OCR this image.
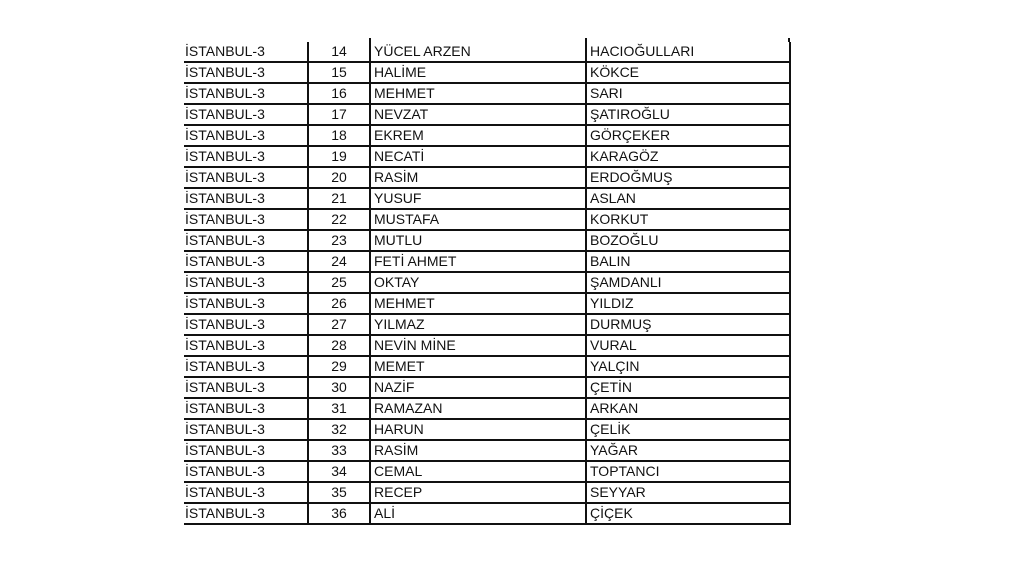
İSTANBUL-3	14	YÜCEL ARZEN	HACIOĞULLARI
İSTANBUL-3	15	HALİME	KÖKCE
İSTANBUL-3	16	MEHMET	SARI
İSTANBUL-3	17	NEVZAT	ŞATIROĞLU
İSTANBUL-3	18	EKREM	GÖRÇEKER
İSTANBUL-3	19	NECATİ	KARAGÖZ
İSTANBUL-3	20	RASİM	ERDOĞMUŞ
İSTANBUL-3	21	YUSUF	ASLAN
İSTANBUL-3	22	MUSTAFA	KORKUT
İSTANBUL-3	23	MUTLU	BOZOĞLU
İSTANBUL-3	24	FETİ AHMET	BALIN
İSTANBUL-3	25	OKTAY	ŞAMDANLI
İSTANBUL-3	26	MEHMET	YILDIZ
İSTANBUL-3	27	YILMAZ	DURMUŞ
İSTANBUL-3	28	NEVİN MİNE	VURAL
İSTANBUL-3	29	MEMET	YALÇIN
İSTANBUL-3	30	NAZİF	ÇETİN
İSTANBUL-3	31	RAMAZAN	ARKAN
İSTANBUL-3	32	HARUN	ÇELİK
İSTANBUL-3	33	RASİM	YAĞAR
İSTANBUL-3	34	CEMAL	TOPTANCI
İSTANBUL-3	35	RECEP	SEYYAR
İSTANBUL-3	36	ALİ	ÇİÇEK
